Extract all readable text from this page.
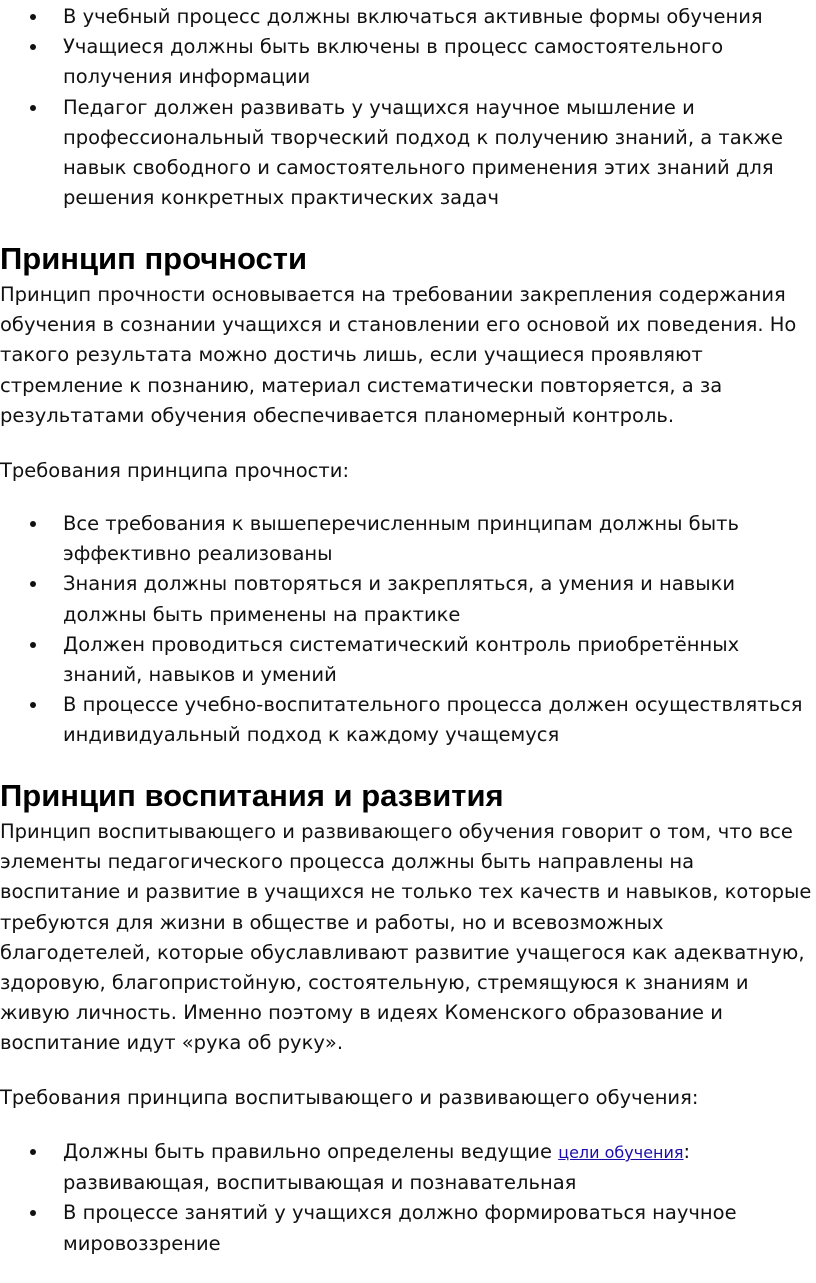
В учебный процесс должны включаться активные формы обучения
Учащиеся должны быть включены в процесс самостоятельного получения информации
Педагог должен развивать у учащихся научное мышление и профессиональный творческий подход к получению знаний, а также навык свободного и самостоятельного применения этих знаний для решения конкретных практических задач
Принцип прочности

Принцип прочности основывается на требовании закрепления содержания обучения в сознании учащихся и становлении его основой их поведения. Но такого результата можно достичь лишь, если учащиеся проявляют стремление к познанию, материал систематически повторяется, а за результатами обучения обеспечивается планомерный контроль.

Требования принципа прочности:

Все требования к вышеперечисленным принципам должны быть эффективно реализованы
Знания должны повторяться и закрепляться, а умения и навыки должны быть применены на практике
Должен проводиться систематический контроль приобретённых знаний, навыков и умений
В процессе учебно-воспитательного процесса должен осуществляться индивидуальный подход к каждому учащемуся
Принцип воспитания и развития

Принцип воспитывающего и развивающего обучения говорит о том, что все элементы педагогического процесса должны быть направлены на воспитание и развитие в учащихся не только тех качеств и навыков, которые требуются для жизни в обществе и работы, но и всевозможных благодетелей, которые обуславливают развитие учащегося как адекватную, здоровую, благопристойную, состоятельную, стремящуюся к знаниям и живую личность. Именно поэтому в идеях Коменского образование и воспитание идут «рука об руку».

Требования принципа воспитывающего и развивающего обучения:

Должны быть правильно определены ведущие цели обучения: развивающая, воспитывающая и познавательная
В процессе занятий у учащихся должно формироваться научное мировоззрение
